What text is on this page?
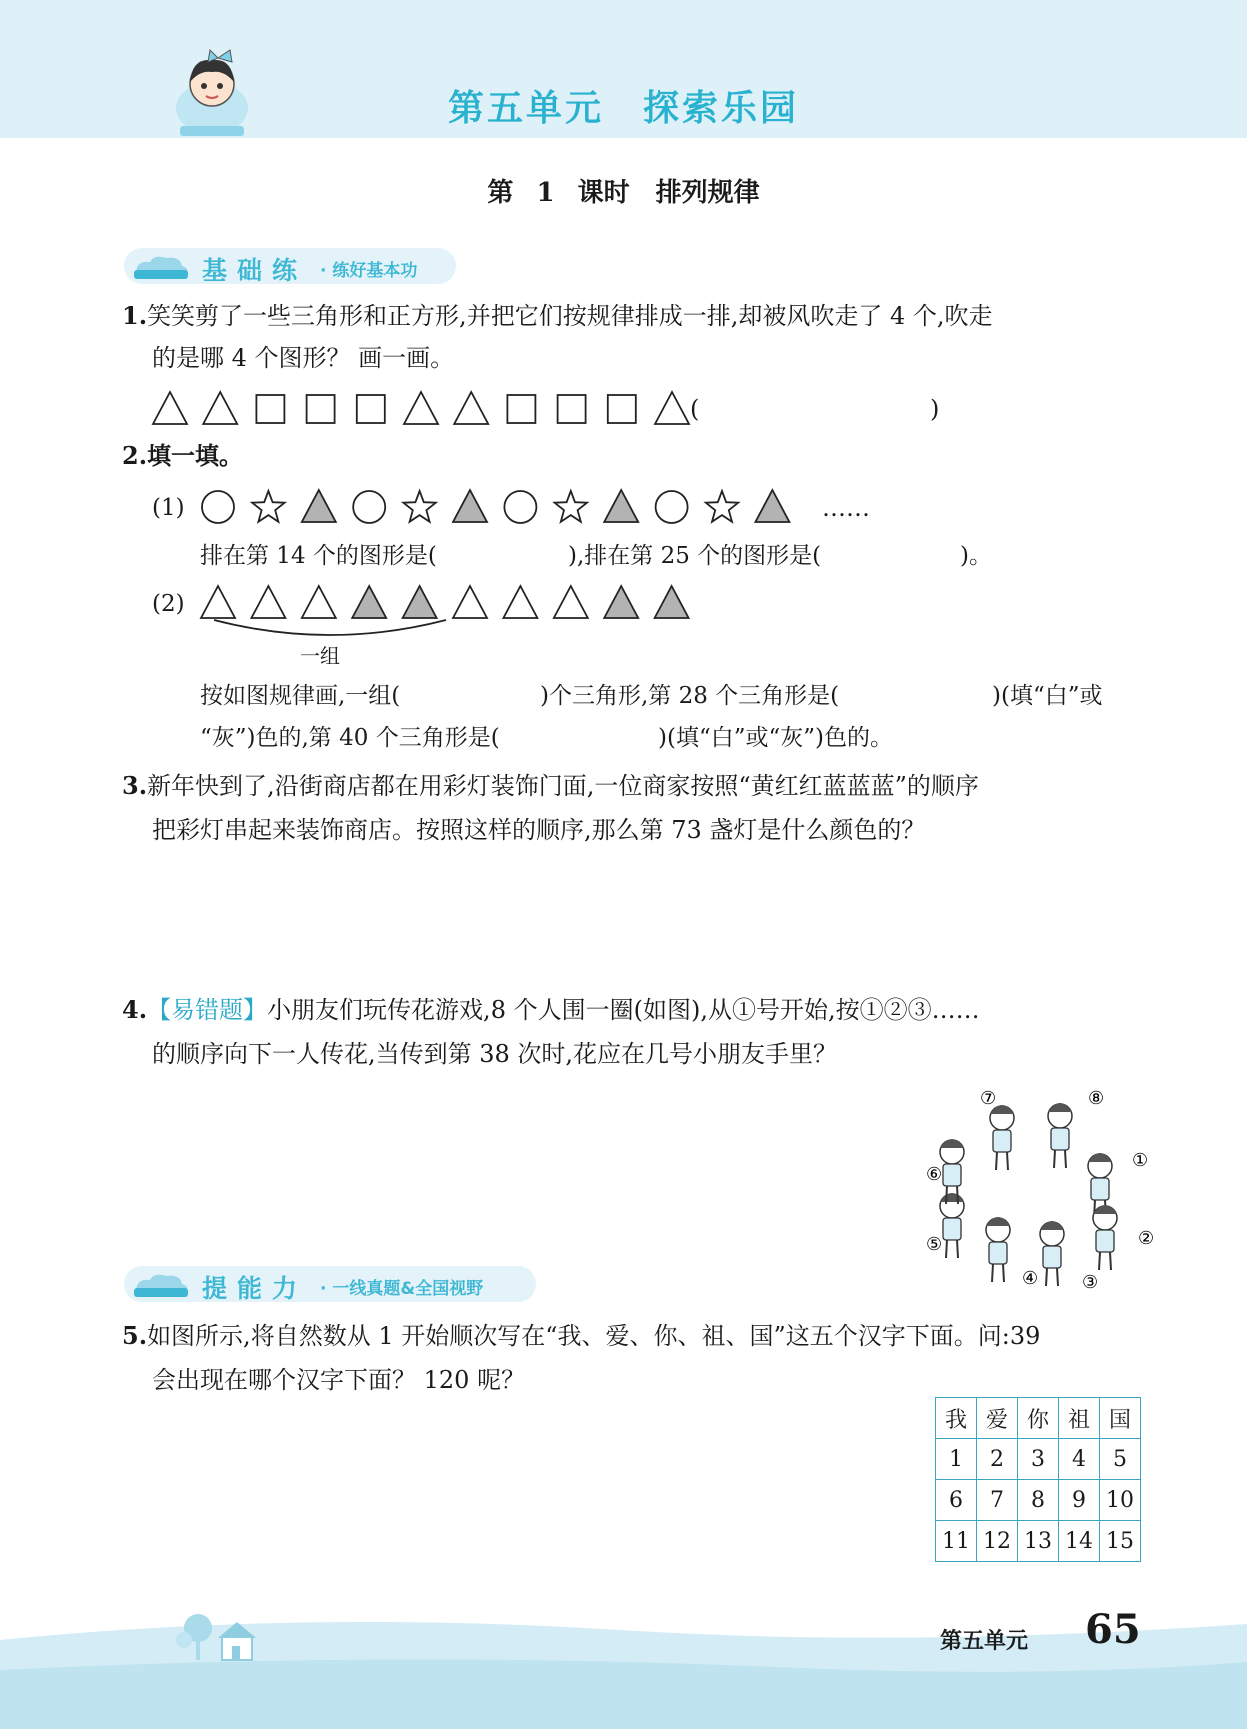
第五单元　探索乐园
第 1 课时　排列规律
基础练 · 练好基本功
1.笑笑剪了一些三角形和正方形,并把它们按规律排成一排,却被风吹走了 4 个,吹走
的是哪 4 个图形？ 画一画。
(	)
2.填一填。
(1)	……
排在第 14 个的图形是(	),排在第 25 个的图形是(	)。
(2)
一组
按如图规律画,一组(	)个三角形,第 28 个三角形是(	)(填“白”或
“灰”)色的,第 40 个三角形是(	)(填“白”或“灰”)色的。
3.新年快到了,沿街商店都在用彩灯装饰门面,一位商家按照“黄红红蓝蓝蓝”的顺序
把彩灯串起来装饰商店。按照这样的顺序,那么第 73 盏灯是什么颜色的？
4.【易错题】小朋友们玩传花游戏,8 个人围一圈(如图),从①号开始,按①②③……
的顺序向下一人传花,当传到第 38 次时,花应在几号小朋友手里？
①
②
③
④
⑤
⑥
⑦	⑧
提能力 · 一线真题&全国视野
5.如图所示,将自然数从 1 开始顺次写在“我、爱、你、祖、国”这五个汉字下面。问:39
会出现在哪个汉字下面？ 120 呢？
我	爱	你	祖	国
1	2	3	4	5
6	7	8	9	10
11	12	13	14	15
第五单元 65
